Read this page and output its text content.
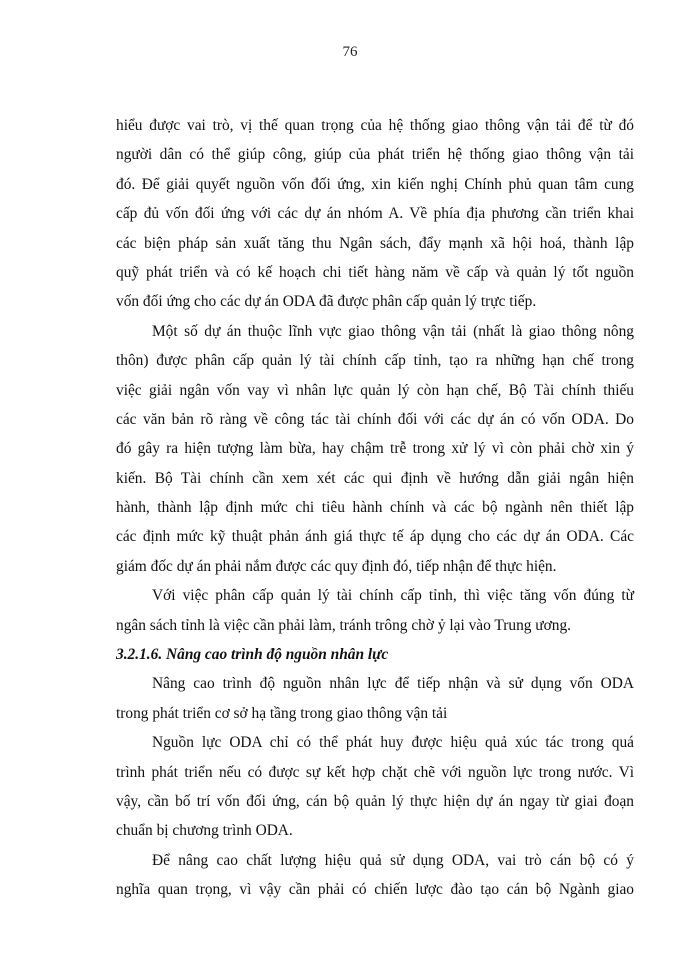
76
hiểu được vai trò, vị thế quan trọng của hệ thống giao thông vận tải để từ đó
người dân có thể giúp công, giúp của phát triển hệ thống giao thông vận tải
đó. Để giải quyết nguồn vốn đối ứng, xin kiến nghị Chính phủ quan tâm cung
cấp đủ vốn đối ứng với các dự án nhóm A. Về phía địa phương cần triển khai
các biện pháp sản xuất tăng thu Ngân sách, đẩy mạnh xã hội hoá, thành lập
quỹ phát triển và có kế hoạch chi tiết hàng năm về cấp và quản lý tốt nguồn
vốn đối ứng cho các dự án ODA đã được phân cấp quản lý trực tiếp.
Một số dự án thuộc lĩnh vực giao thông vận tải (nhất là giao thông nông
thôn) được phân cấp quản lý tài chính cấp tỉnh, tạo ra những hạn chế trong
việc giải ngân vốn vay vì nhân lực quản lý còn hạn chế, Bộ Tài chính thiếu
các văn bản rõ ràng về công tác tài chính đối với các dự án có vốn ODA. Do
đó gây ra hiện tượng làm bừa, hay chậm trễ trong xử lý vì còn phải chờ xin ý
kiến. Bộ Tài chính cần xem xét các qui định về hướng dẫn giải ngân hiện
hành, thành lập định mức chi tiêu hành chính và các bộ ngành nên thiết lập
các định mức kỹ thuật phản ánh giá thực tế áp dụng cho các dự án ODA. Các
giám đốc dự án phải nắm được các quy định đó, tiếp nhận để thực hiện.
Với việc phân cấp quản lý tài chính cấp tỉnh, thì việc tăng vốn đúng từ
ngân sách tỉnh là việc cần phải làm, tránh trông chờ ỷ lại vào Trung ương.
3.2.1.6. Nâng cao trình độ nguồn nhân lực
Nâng cao trình độ nguồn nhân lực để tiếp nhận và sử dụng vốn ODA
trong phát triển cơ sở hạ tầng trong giao thông vận tải
Nguồn lực ODA chỉ có thể phát huy được hiệu quả xúc tác trong quá
trình phát triển nếu có được sự kết hợp chặt chẽ với nguồn lực trong nước. Vì
vậy, cần bố trí vốn đối ứng, cán bộ quản lý thực hiện dự án ngay từ giai đoạn
chuẩn bị chương trình ODA.
Để nâng cao chất lượng hiệu quả sử dụng ODA, vai trò cán bộ có ý
nghĩa quan trọng, vì vậy cần phải có chiến lược đào tạo cán bộ Ngành giao
